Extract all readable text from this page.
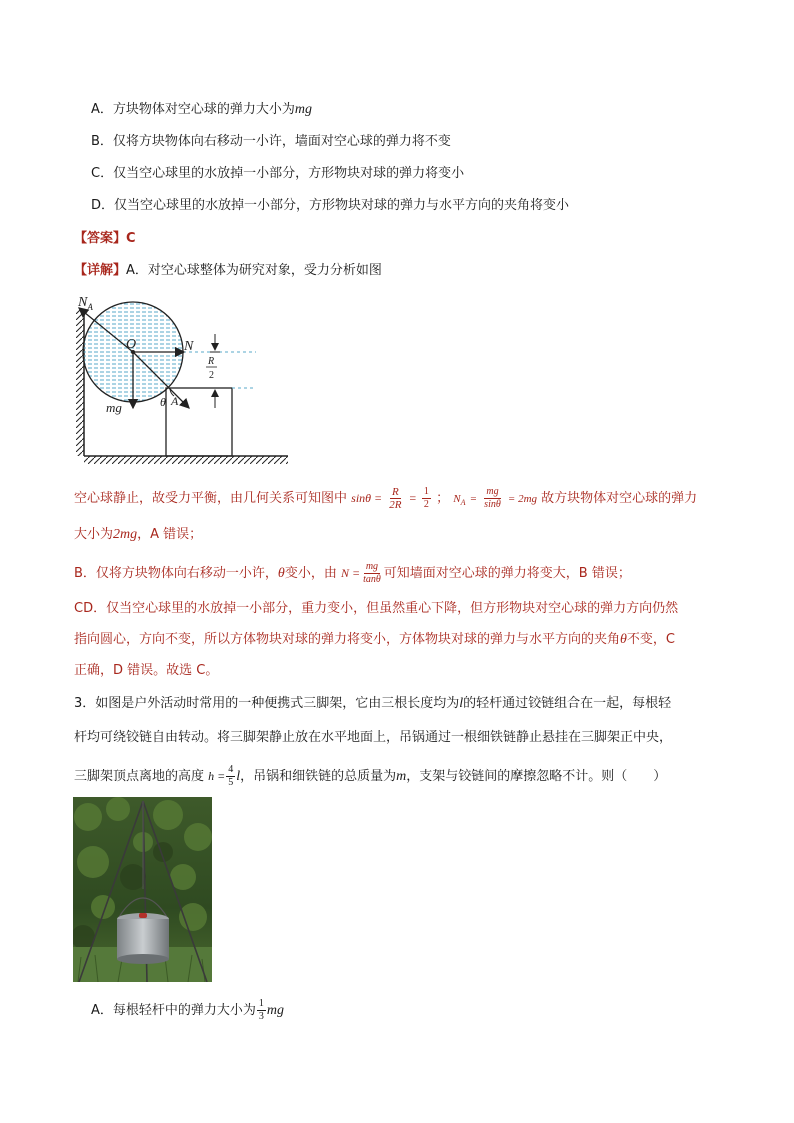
A．方块物体对空心球的弹力大小为mg
B．仅将方块物体向右移动一小许，墙面对空心球的弹力将不变
C．仅当空心球里的水放掉一小部分，方形物块对球的弹力将变小
D．仅当空心球里的水放掉一小部分，方形物块对球的弹力与水平方向的夹角将变小
【答案】C
【详解】A．对空心球整体为研究对象，受力分析如图
$N_A$
O	N
R
2
mg	θ A
空心球静止，故受力平衡，由几何关系可知图中 $\sin\theta = \frac{R}{2R} = \frac{1}{2}$ ； $N_A = \frac{mg}{\sin\theta} = 2mg$ 故方块物体对空心球的弹力
大小为2mg，A 错误；
B．仅将方块物体向右移动一小许，θ变小，由 $N = \frac{mg}{\tan\theta}$ 可知墙面对空心球的弹力将变大，B 错误；
CD．仅当空心球里的水放掉一小部分，重力变小，但虽然重心下降，但方形物块对空心球的弹力方向仍然
指向圆心，方向不变，所以方体物块对球的弹力将变小，方体物块对球的弹力与水平方向的夹角θ不变，C
正确，D 错误。故选 C。
3．如图是户外活动时常用的一种便携式三脚架，它由三根长度均为l的轻杆通过铰链组合在一起，每根轻
杆均可绕铰链自由转动。将三脚架静止放在水平地面上，吊锅通过一根细铁链静止悬挂在三脚架正中央，
三脚架顶点离地的高度 $h = \frac{4}{5}$ l，吊锅和细铁链的总质量为m，支架与铰链间的摩擦忽略不计。则（　　）
A．每根轻杆中的弹力大小为 $\frac{1}{3}$ mg
